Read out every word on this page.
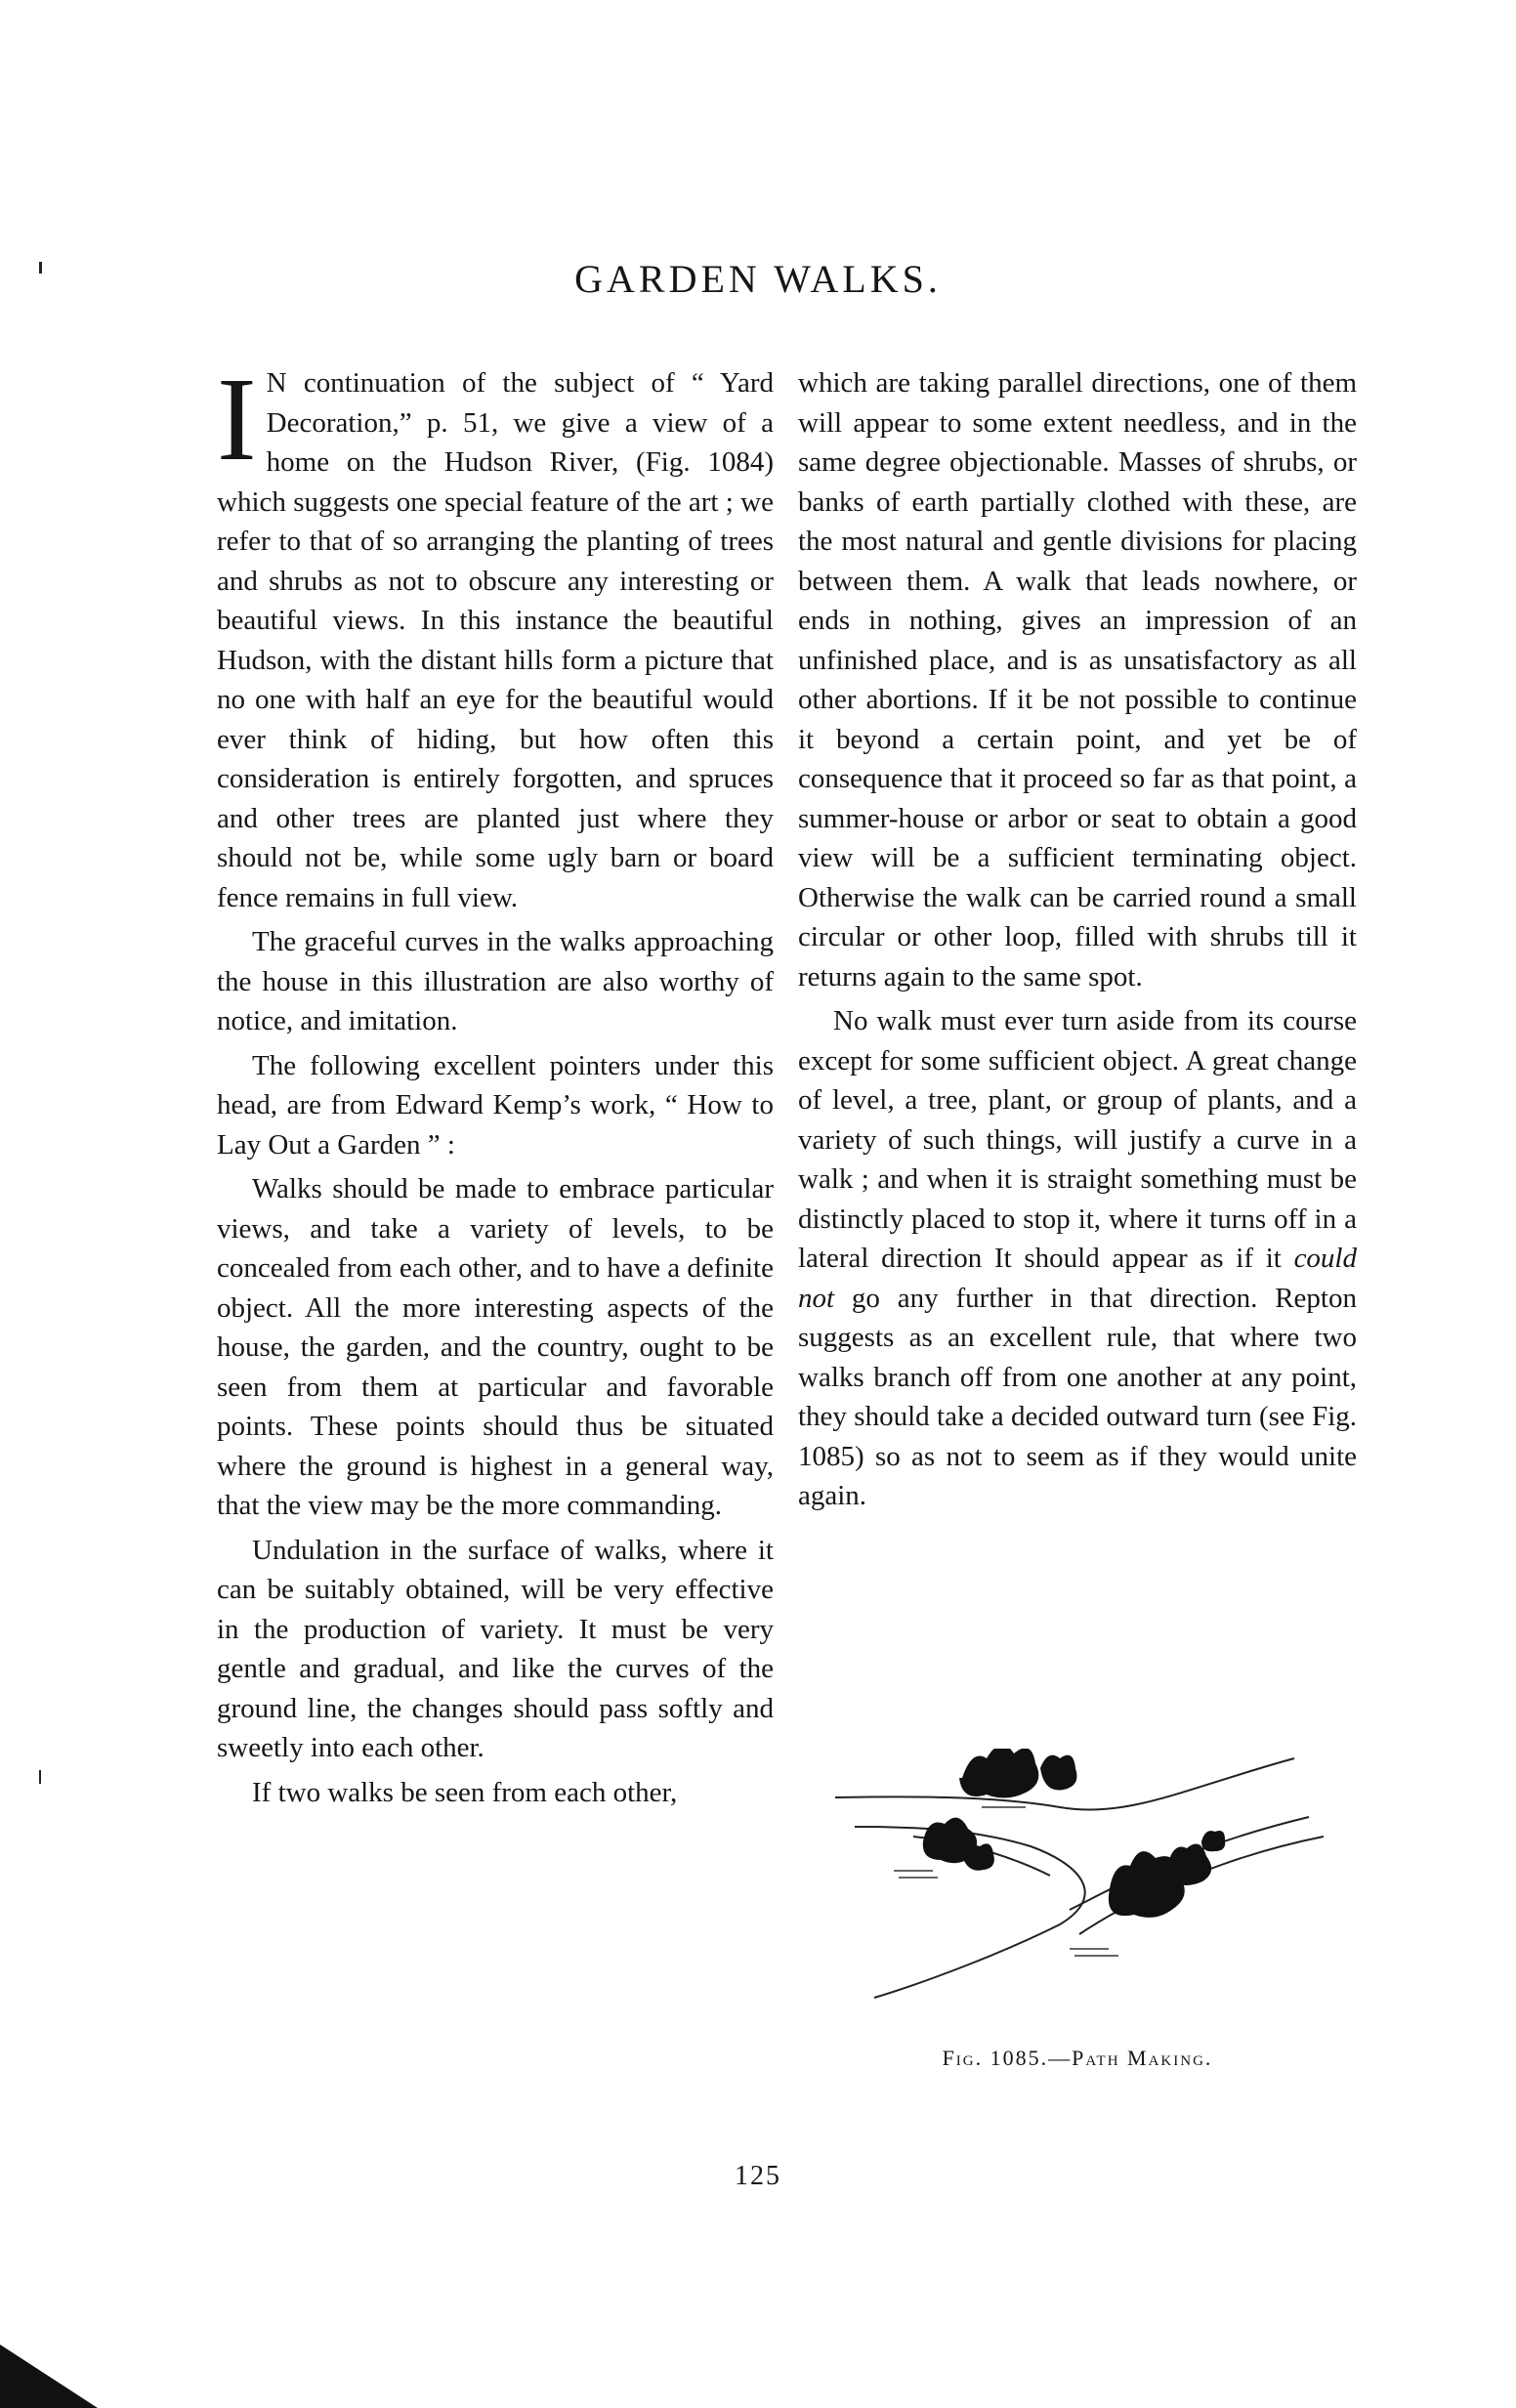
GARDEN WALKS.

I N continuation of the subject of “ Yard Decoration,” p. 51, we give a view of a home on the Hudson River, (Fig. 1084) which suggests one special feature of the art ; we refer to that of so arranging the planting of trees and shrubs as not to obscure any interesting or beautiful views. In this instance the beautiful Hudson, with the distant hills form a picture that no one with half an eye for the beautiful would ever think of hiding, but how often this consideration is entirely forgotten, and spruces and other trees are planted just where they should not be, while some ugly barn or board fence remains in full view.

The graceful curves in the walks approaching the house in this illustration are also worthy of notice, and imitation.

The following excellent pointers under this head, are from Edward Kemp’s work, “ How to Lay Out a Garden ” :

Walks should be made to embrace particular views, and take a variety of levels, to be concealed from each other, and to have a definite object. All the more interesting aspects of the house, the garden, and the country, ought to be seen from them at particular and favorable points. These points should thus be situated where the ground is highest in a general way, that the view may be the more commanding.

Undulation in the surface of walks, where it can be suitably obtained, will be very effective in the production of variety. It must be very gentle and gradual, and like the curves of the ground line, the changes should pass softly and sweetly into each other.

If two walks be seen from each other,

which are taking parallel directions, one of them will appear to some extent needless, and in the same degree objectionable. Masses of shrubs, or banks of earth partially clothed with these, are the most natural and gentle divisions for placing between them. A walk that leads nowhere, or ends in nothing, gives an impression of an unfinished place, and is as unsatisfactory as all other abortions. If it be not possible to continue it beyond a certain point, and yet be of consequence that it proceed so far as that point, a summer-house or arbor or seat to obtain a good view will be a sufficient terminating object. Otherwise the walk can be carried round a small circular or other loop, filled with shrubs till it returns again to the same spot.

No walk must ever turn aside from its course except for some sufficient object. A great change of level, a tree, plant, or group of plants, and a variety of such things, will justify a curve in a walk ; and when it is straight something must be distinctly placed to stop it, where it turns off in a lateral direction It should appear as if it could not go any further in that direction. Repton suggests as an excellent rule, that where two walks branch off from one another at any point, they should take a decided outward turn (see Fig. 1085) so as not to seem as if they would unite again.

Fig. 1085.—Path Making.
125
